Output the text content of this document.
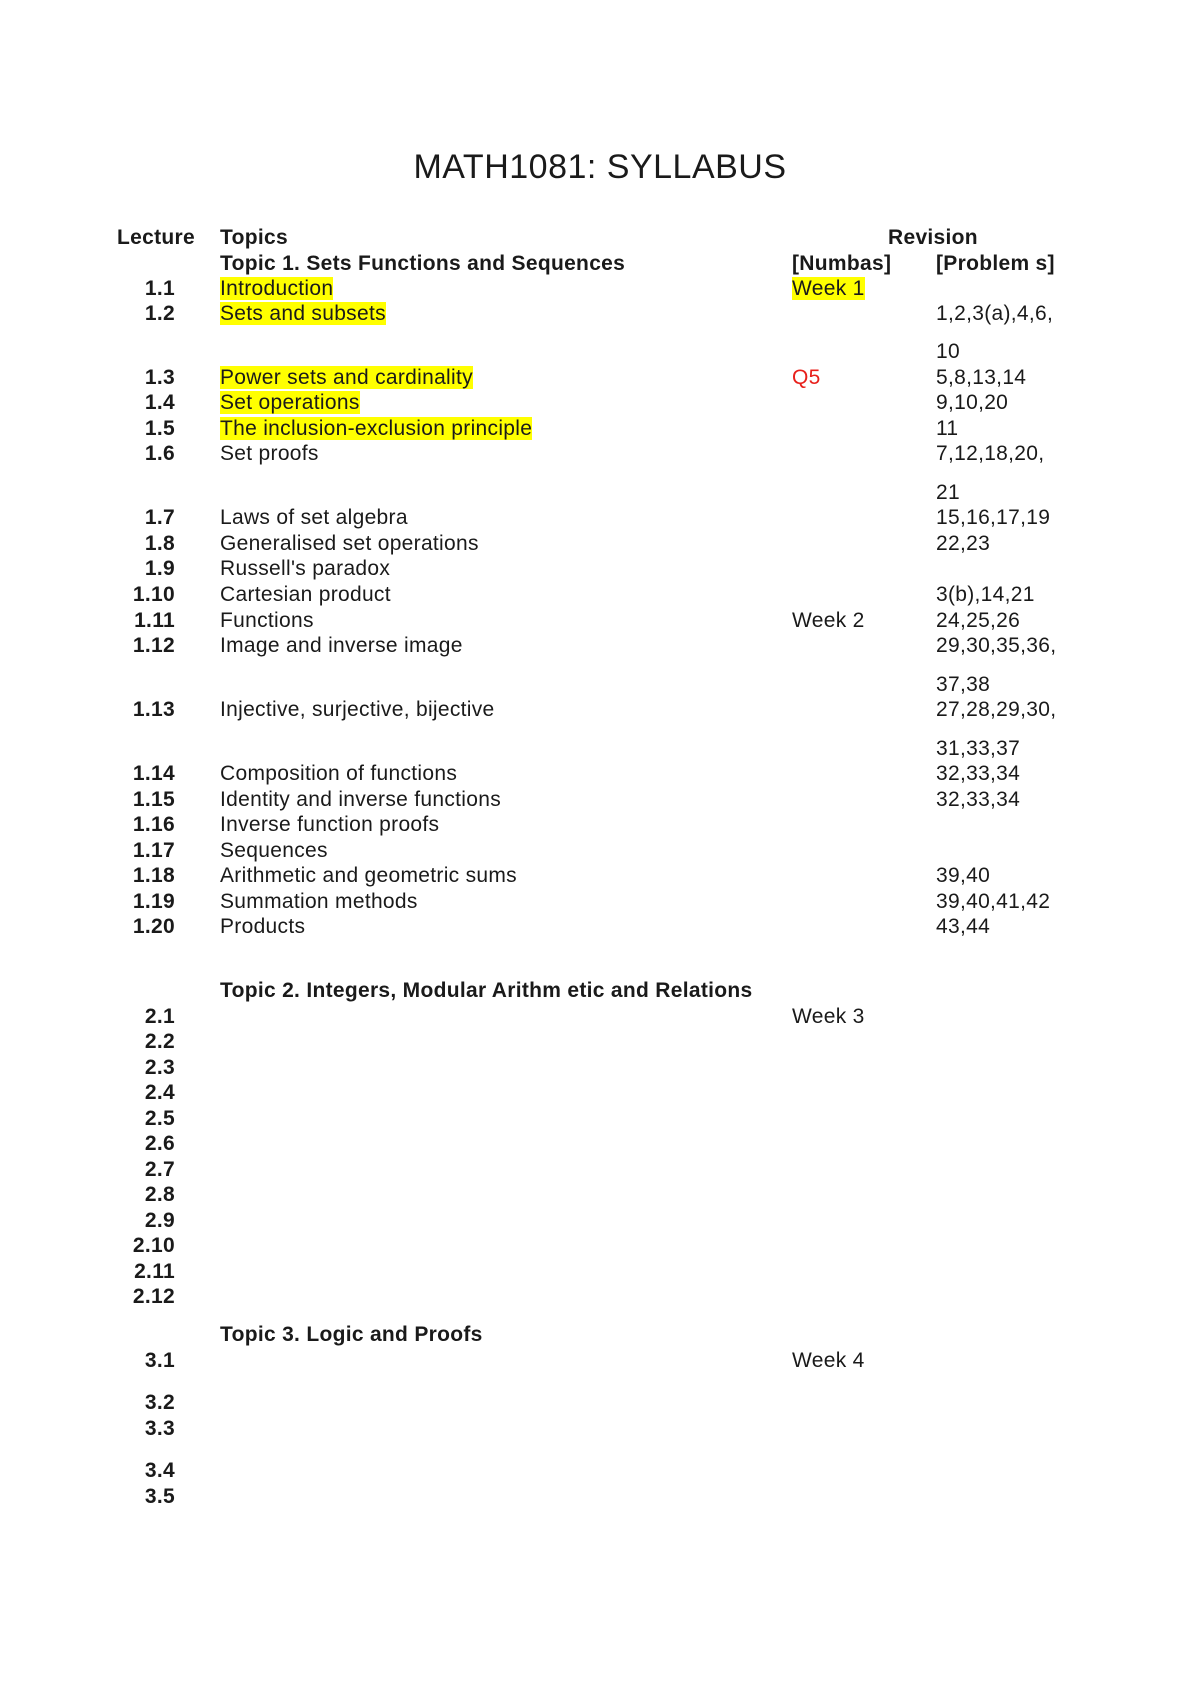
MATH1081: SYLLABUS
Lecture Topics	Revision
[Numbas] [Problem s]
Topic 1. Sets Functions and Sequences
1.1 Introduction	Week 1
1.2 Sets and subsets	1,2,3(a),4,6,
10
1.3 Power sets and cardinality	Q5	5,8,13,14
1.4 Set operations	9,10,20
1.5 The inclusion-exclusion principle	11
1.6 Set proofs	7,12,18,20,
21
1.7 Laws of set algebra	15,16,17,19
1.8 Generalised set operations	22,23
1.9 Russell's paradox
1.10 Cartesian product	3(b),14,21
1.11 Functions	Week 2	24,25,26
1.12 Image and inverse image	29,30,35,36,
37,38
1.13 Injective, surjective, bijective	27,28,29,30,
31,33,37
1.14 Composition of functions	32,33,34
1.15 Identity and inverse functions	32,33,34
1.16 Inverse function proofs
1.17 Sequences
1.18 Arithmetic and geometric sums	39,40
1.19 Summation methods	39,40,41,42
1.20 Products	43,44
Topic 2. Integers, Modular Arithm etic and Relations
2.1	Week 3
2.2
2.3
2.4
2.5
2.6
2.7
2.8
2.9
2.10
2.11
2.12
Topic 3. Logic and Proofs
3.1	Week 4
3.2
3.3
3.4
3.5
